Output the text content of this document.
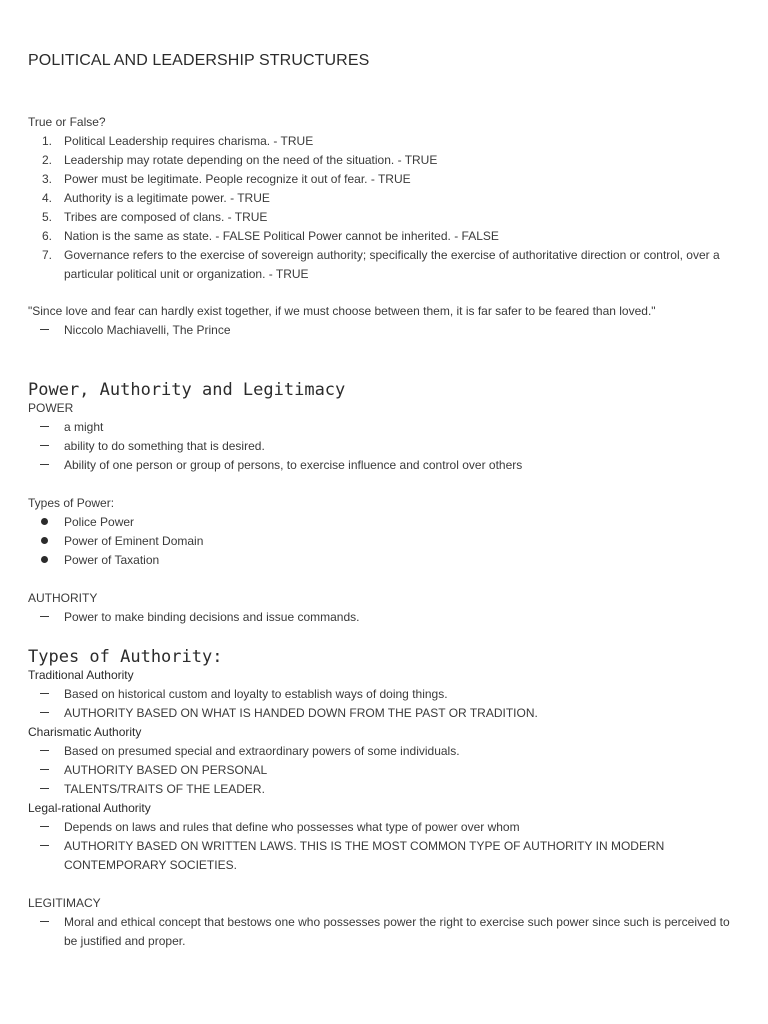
POLITICAL AND LEADERSHIP STRUCTURES
True or False?
1.	Political Leadership requires charisma. - TRUE
2.	Leadership may rotate depending on the need of the situation. - TRUE
3.	Power must be legitimate. People recognize it out of fear. - TRUE
4.	Authority is a legitimate power. - TRUE
5.	Tribes are composed of clans. - TRUE
6.	Nation is the same as state. - FALSE Political Power cannot be inherited. - FALSE
7.	Governance refers to the exercise of sovereign authority; specifically the exercise of authoritative direction or control, over a particular political unit or organization. - TRUE
"Since love and fear can hardly exist together, if we must choose between them, it is far safer to be feared than loved."
Niccolo Machiavelli, The Prince
Power, Authority and Legitimacy
POWER
a might
ability to do something that is desired.
Ability of one person or group of persons, to exercise influence and control over others
Types of Power:
Police Power
Power of Eminent Domain
Power of Taxation
AUTHORITY
Power to make binding decisions and issue commands.
Types of Authority:
Traditional Authority
Based on historical custom and loyalty to establish ways of doing things.
AUTHORITY BASED ON WHAT IS HANDED DOWN FROM THE PAST OR TRADITION.
Charismatic Authority
Based on presumed special and extraordinary powers of some individuals.
AUTHORITY BASED ON PERSONAL
TALENTS/TRAITS OF THE LEADER.
Legal-rational Authority
Depends on laws and rules that define who possesses what type of power over whom
AUTHORITY BASED ON WRITTEN LAWS. THIS IS THE MOST COMMON TYPE OF AUTHORITY IN MODERN CONTEMPORARY SOCIETIES.
LEGITIMACY
Moral and ethical concept that bestows one who possesses power the right to exercise such power since such is perceived to be justified and proper.
